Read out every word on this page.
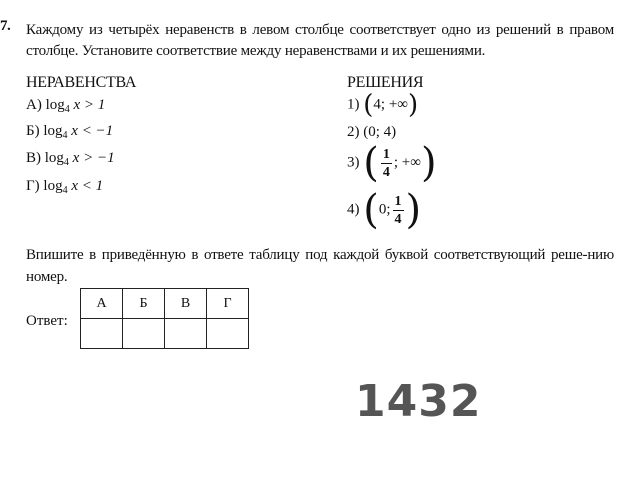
7. Каждому из четырёх неравенств в левом столбце соответствует одно из решений в правом столбце. Установите соответствие между неравенствами и их решениями.
НЕРАВЕНСТВА
А) $\log_4 x > 1$
Б) $\log_4 x < -1$
В) $\log_4 x > -1$
Г) $\log_4 x < 1$
РЕШЕНИЯ
1) (4; +∞)
2) (0; 4)
3) ( $\frac{1}{4}$ ; +∞)
4) (0; $\frac{1}{4}$ )
Впишите в приведённую в ответе таблицу под каждой буквой соответствующий реше-нию номер.
Ответ:
А	Б	В	Г

1432
